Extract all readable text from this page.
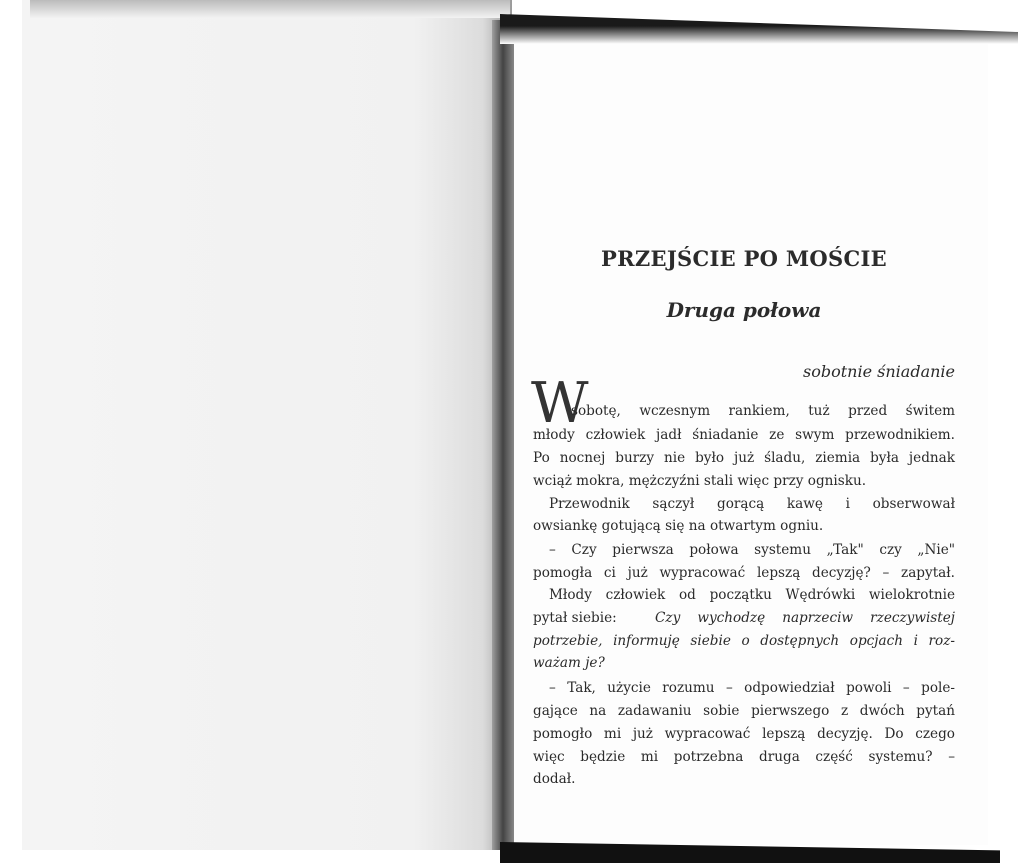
PRZEJŚCIE PO MOŚCIE
Druga połowa
sobotnie śniadanie
W
sobotę, wczesnym rankiem, tuż przed świtem
młody człowiek jadł śniadanie ze swym przewodnikiem.
Po nocnej burzy nie było już śladu, ziemia była jednak
wciąż mokra, mężczyźni stali więc przy ognisku.
Przewodnik sączył gorącą kawę i obserwował
owsiankę gotującą się na otwartym ogniu.
– Czy pierwsza połowa systemu „Tak" czy „Nie"
pomogła ci już wypracować lepszą decyzję? – zapytał.
Młody człowiek od początku Wędrówki wielokrotnie
pytał siebie:	Czy wychodzę naprzeciw rzeczywistej
potrzebie, informuję siebie o dostępnych opcjach i roz-
ważam je?
– Tak, użycie rozumu – odpowiedział powoli – pole-
gające na zadawaniu sobie pierwszego z dwóch pytań
pomogło mi już wypracować lepszą decyzję. Do czego
więc będzie mi potrzebna druga część systemu? –
dodał.
